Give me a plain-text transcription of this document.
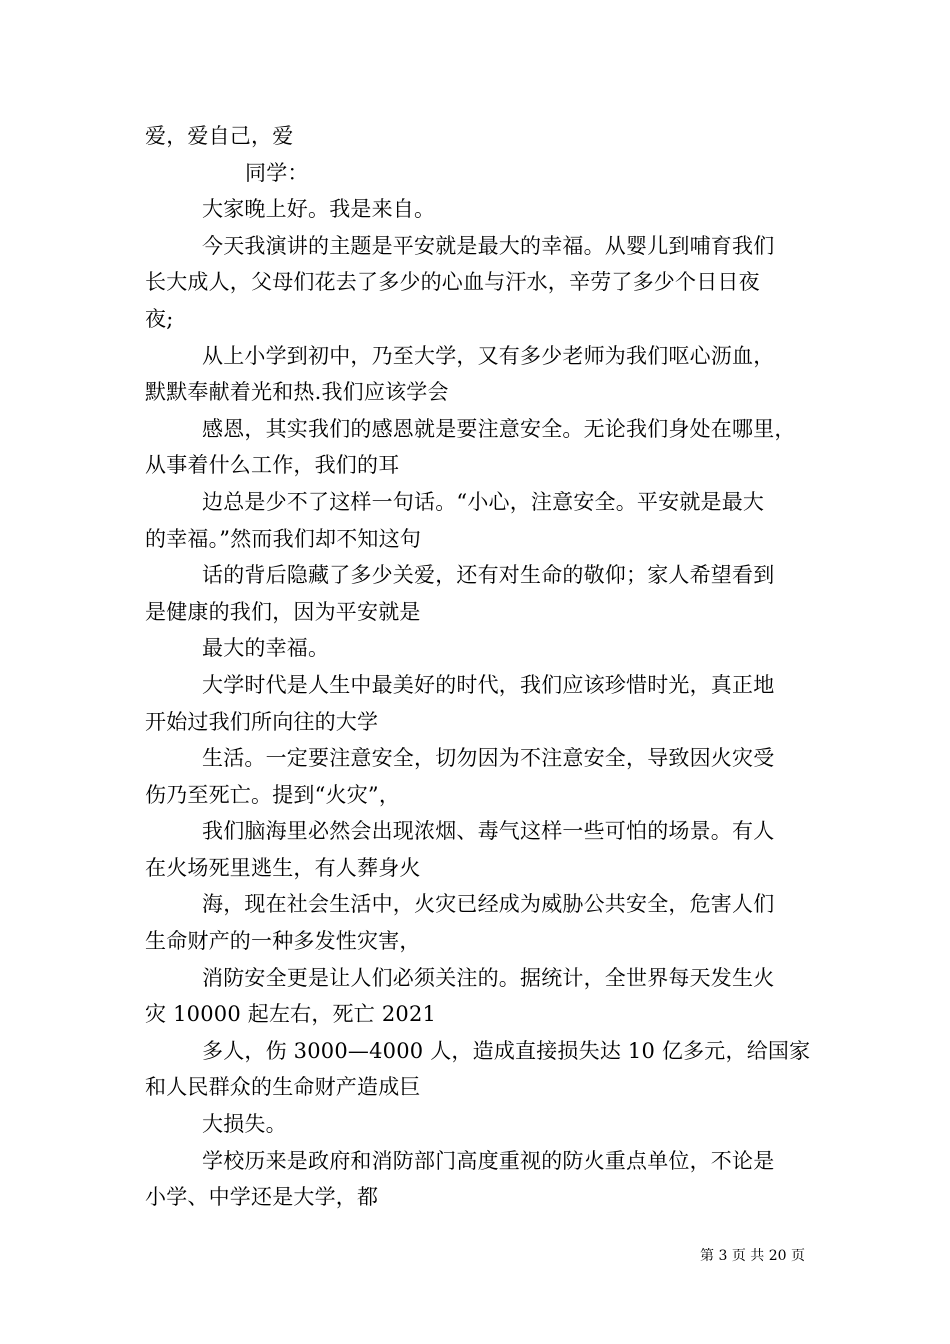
爱，爱自己，爱
同学：
大家晚上好。我是来自。
今天我演讲的主题是平安就是最大的幸福。从婴儿到哺育我们
长大成人，父母们花去了多少的心血与汗水，辛劳了多少个日日夜
夜;
从上小学到初中，乃至大学，又有多少老师为我们呕心沥血，
默默奉献着光和热.我们应该学会
感恩，其实我们的感恩就是要注意安全。无论我们身处在哪里，
从事着什么工作，我们的耳
边总是少不了这样一句话。“小心，注意安全。平安就是最大
的幸福。”然而我们却不知这句
话的背后隐藏了多少关爱，还有对生命的敬仰；家人希望看到
是健康的我们，因为平安就是
最大的幸福。
大学时代是人生中最美好的时代，我们应该珍惜时光，真正地
开始过我们所向往的大学
生活。一定要注意安全，切勿因为不注意安全，导致因火灾受
伤乃至死亡。提到“火灾”，
我们脑海里必然会出现浓烟、毒气这样一些可怕的场景。有人
在火场死里逃生，有人葬身火
海，现在社会生活中，火灾已经成为威胁公共安全，危害人们
生命财产的一种多发性灾害，
消防安全更是让人们必须关注的。据统计，全世界每天发生火
灾 10000 起左右，死亡 2021
多人，伤 3000—4000 人，造成直接损失达 10 亿多元，给国家
和人民群众的生命财产造成巨
大损失。
学校历来是政府和消防部门高度重视的防火重点单位，不论是
小学、中学还是大学，都
第 3 页 共 20 页
